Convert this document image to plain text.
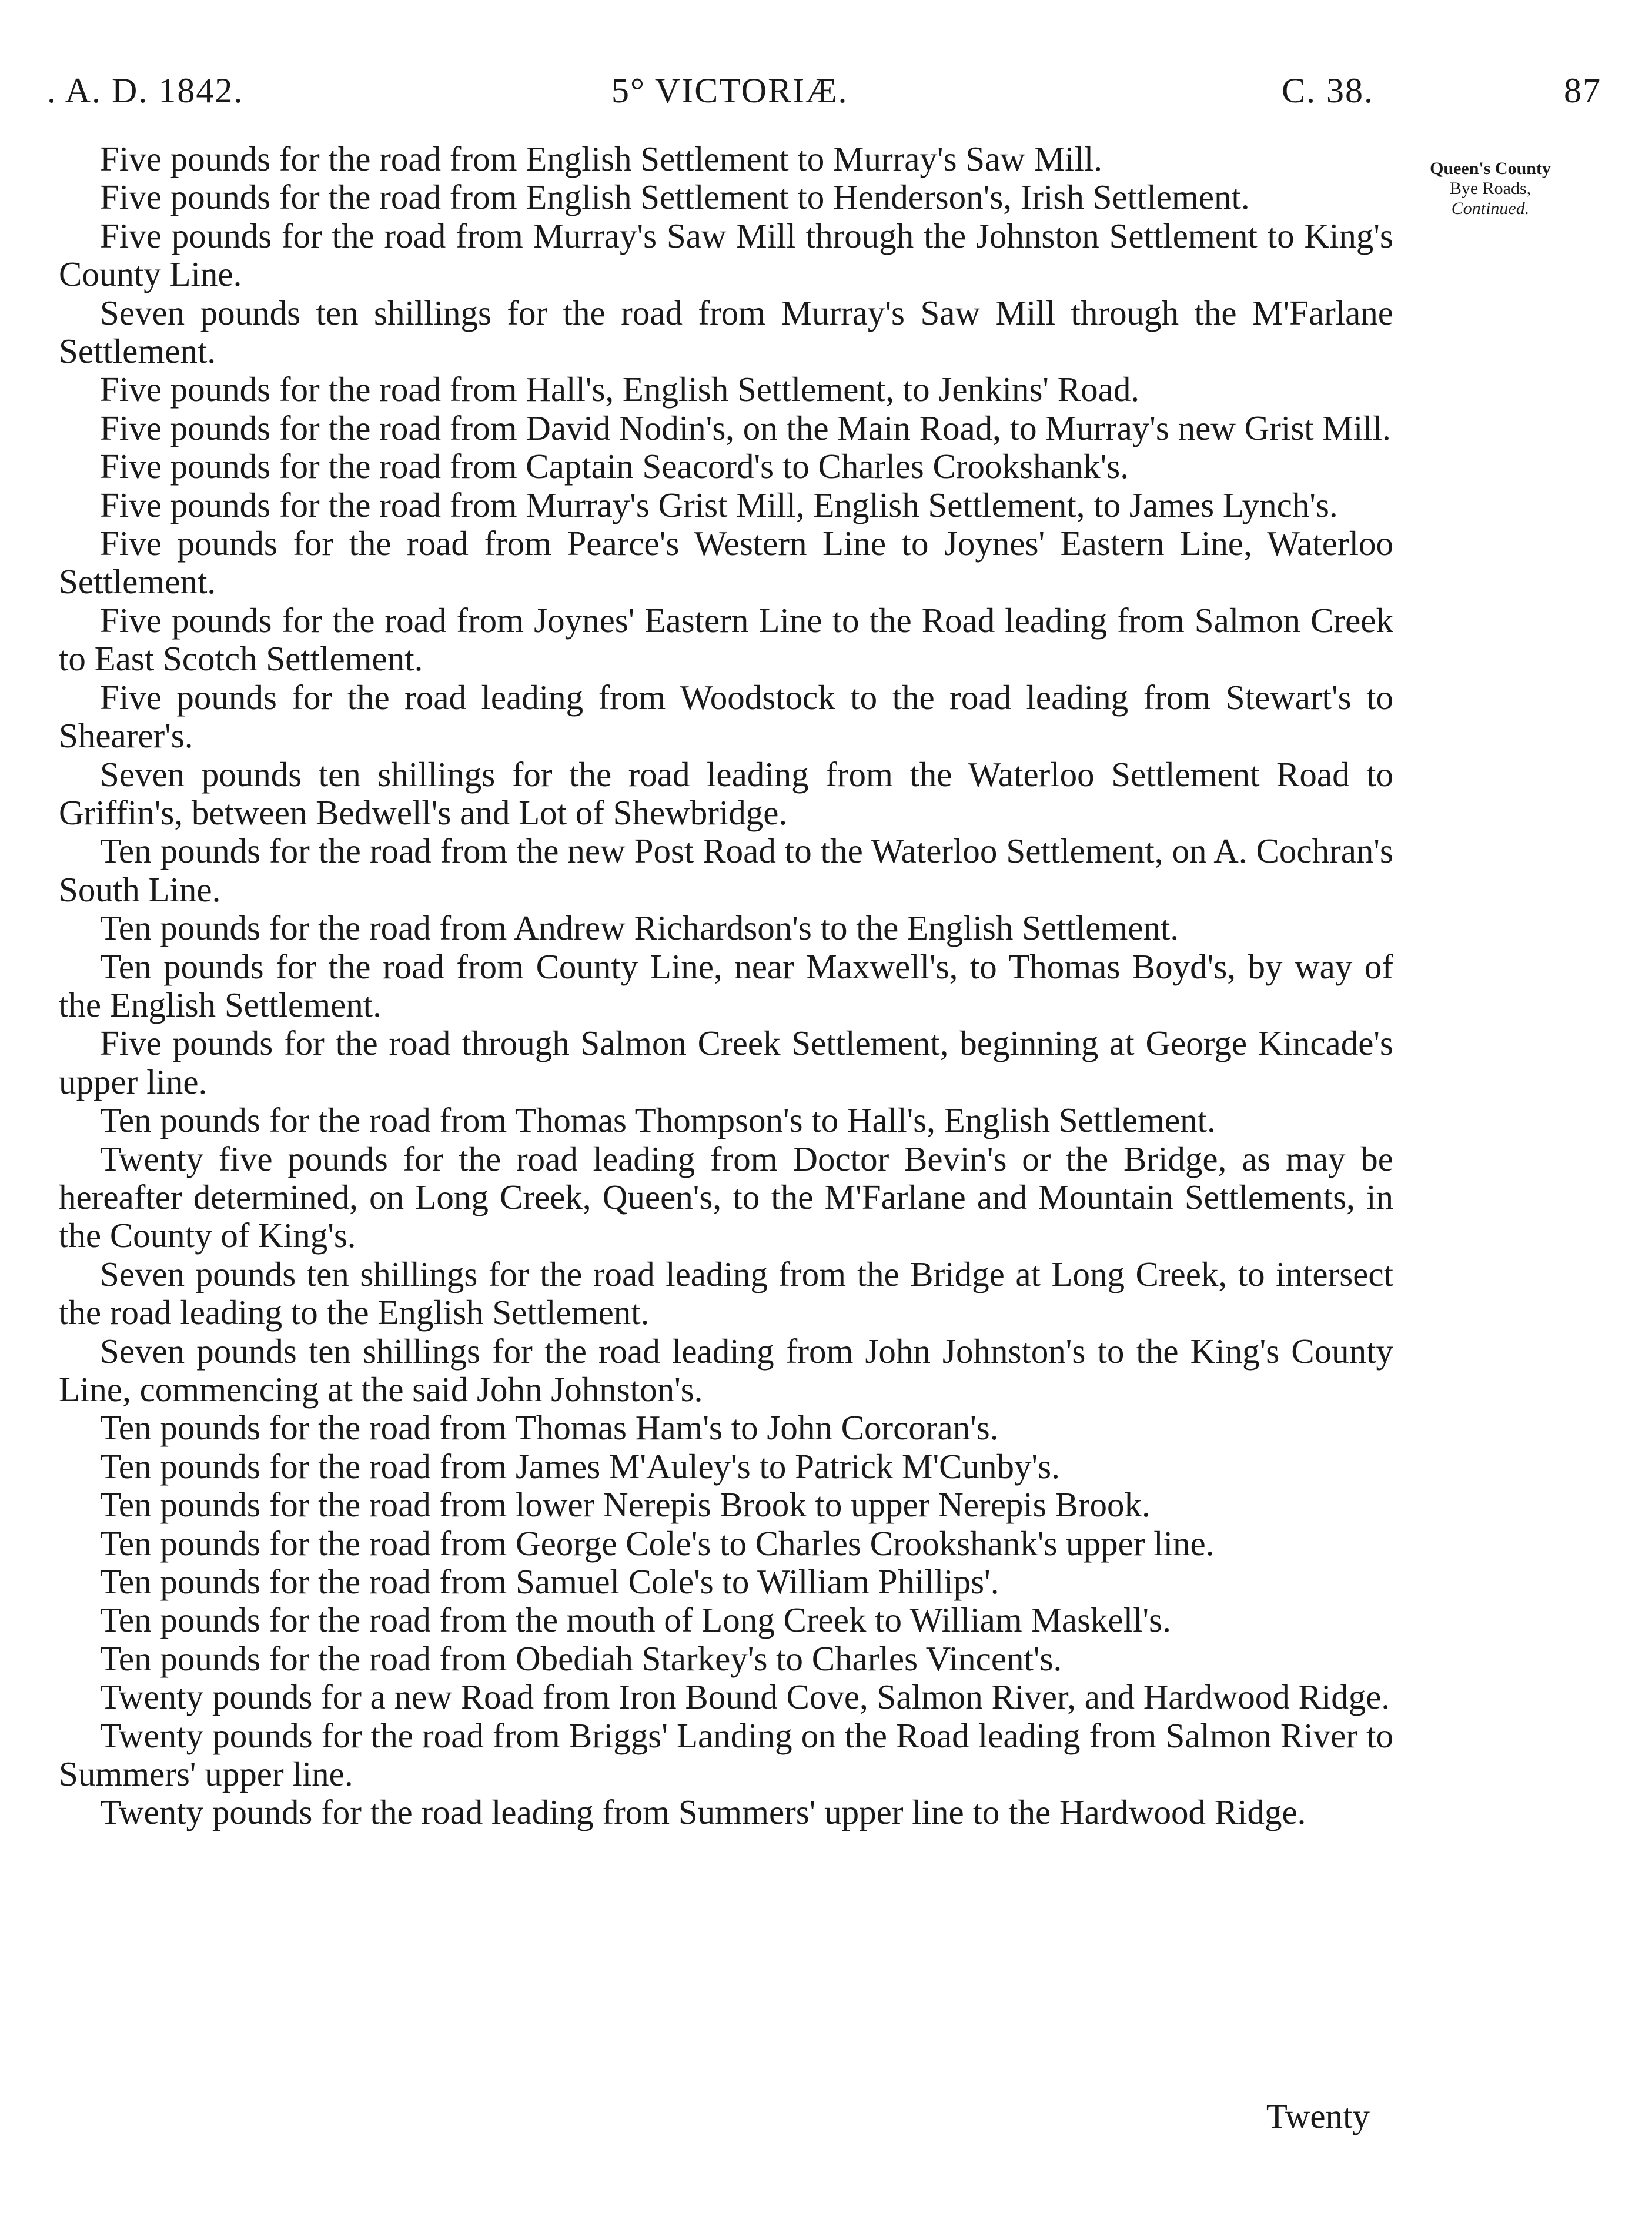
. A. D. 1842.	5° VICTORIÆ.	C. 38.	87
Queen's County
Bye Roads,
Continued.

Five pounds for the road from English Settlement to Murray's Saw Mill.

Five pounds for the road from English Settlement to Henderson's, Irish Settlement.

Five pounds for the road from Murray's Saw Mill through the Johnston Settlement to King's County Line.

Seven pounds ten shillings for the road from Murray's Saw Mill through the M'Farlane Settlement.

Five pounds for the road from Hall's, English Settlement, to Jenkins' Road.

Five pounds for the road from David Nodin's, on the Main Road, to Murray's new Grist Mill.

Five pounds for the road from Captain Seacord's to Charles Crookshank's.

Five pounds for the road from Murray's Grist Mill, English Settlement, to James Lynch's.

Five pounds for the road from Pearce's Western Line to Joynes' Eastern Line, Waterloo Settlement.

Five pounds for the road from Joynes' Eastern Line to the Road leading from Salmon Creek to East Scotch Settlement.

Five pounds for the road leading from Woodstock to the road leading from Stewart's to Shearer's.

Seven pounds ten shillings for the road leading from the Waterloo Settlement Road to Griffin's, between Bedwell's and Lot of Shewbridge.

Ten pounds for the road from the new Post Road to the Waterloo Settlement, on A. Cochran's South Line.

Ten pounds for the road from Andrew Richardson's to the English Settlement.

Ten pounds for the road from County Line, near Maxwell's, to Thomas Boyd's, by way of the English Settlement.

Five pounds for the road through Salmon Creek Settlement, beginning at George Kincade's upper line.

Ten pounds for the road from Thomas Thompson's to Hall's, English Settlement.

Twenty five pounds for the road leading from Doctor Bevin's or the Bridge, as may be hereafter determined, on Long Creek, Queen's, to the M'Farlane and Mountain Settlements, in the County of King's.

Seven pounds ten shillings for the road leading from the Bridge at Long Creek, to intersect the road leading to the English Settlement.

Seven pounds ten shillings for the road leading from John Johnston's to the King's County Line, commencing at the said John Johnston's.

Ten pounds for the road from Thomas Ham's to John Corcoran's.

Ten pounds for the road from James M'Auley's to Patrick M'Cunby's.

Ten pounds for the road from lower Nerepis Brook to upper Nerepis Brook.

Ten pounds for the road from George Cole's to Charles Crookshank's upper line.

Ten pounds for the road from Samuel Cole's to William Phillips'.

Ten pounds for the road from the mouth of Long Creek to William Maskell's.

Ten pounds for the road from Obediah Starkey's to Charles Vincent's.

Twenty pounds for a new Road from Iron Bound Cove, Salmon River, and Hardwood Ridge.

Twenty pounds for the road from Briggs' Landing on the Road leading from Salmon River to Summers' upper line.

Twenty pounds for the road leading from Summers' upper line to the Hardwood Ridge.

Twenty
